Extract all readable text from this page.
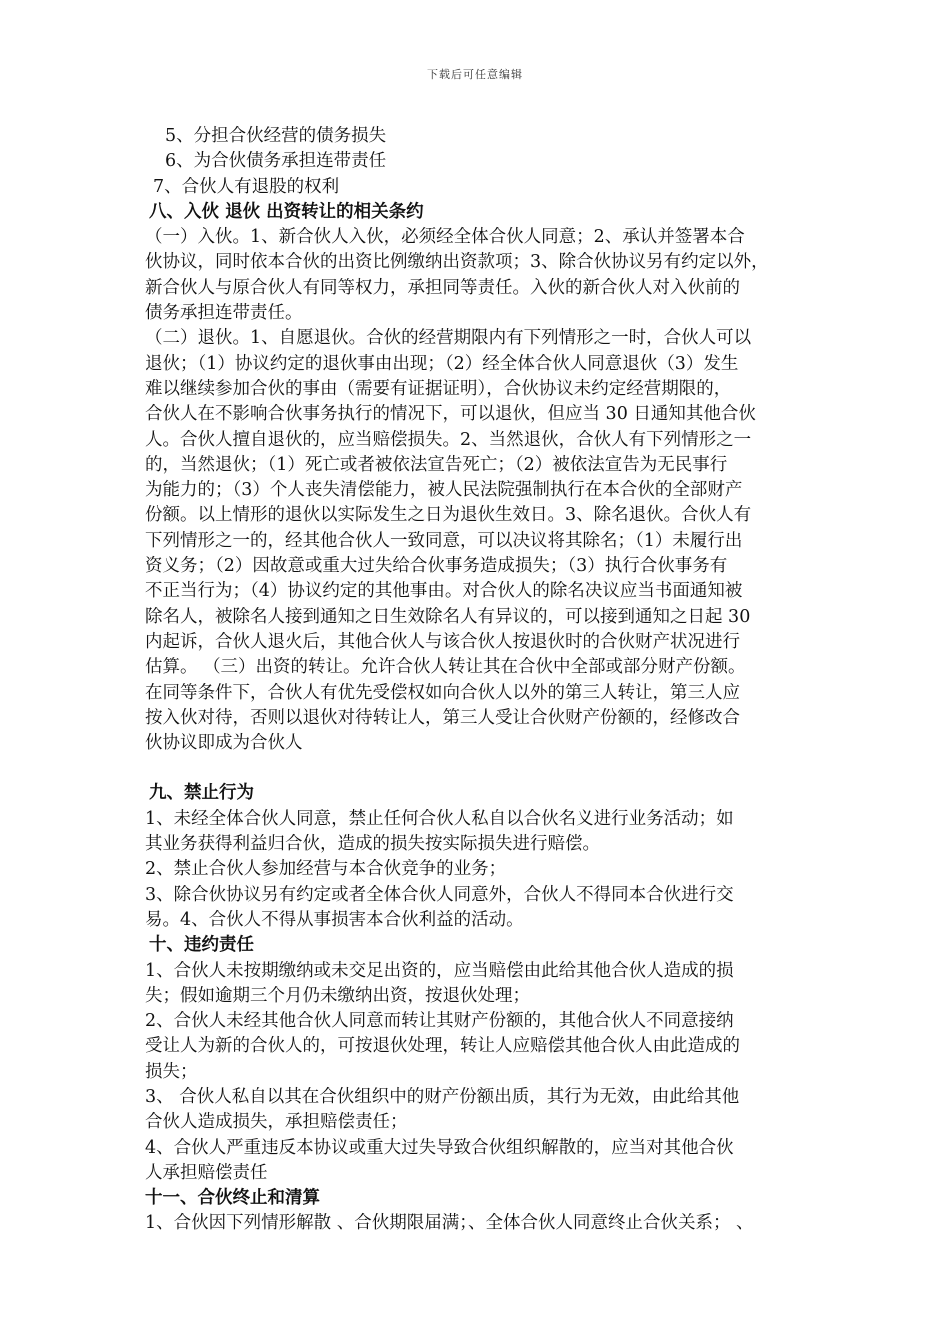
下载后可任意编辑
5、分担合伙经营的债务损失
6、为合伙债务承担连带责任
7、合伙人有退股的权利
八、入伙 退伙 出资转让的相关条约
（一）入伙。1、新合伙人入伙，必须经全体合伙人同意；2、承认并签署本合
伙协议，同时依本合伙的出资比例缴纳出资款项；3、除合伙协议另有约定以外，
新合伙人与原合伙人有同等权力，承担同等责任。入伙的新合伙人对入伙前的
债务承担连带责任。
（二）退伙。1、自愿退伙。合伙的经营期限内有下列情形之一时，合伙人可以
退伙；（1）协议约定的退伙事由出现；（2）经全体合伙人同意退伙（3）发生
难以继续参加合伙的事由（需要有证据证明），合伙协议未约定经营期限的，
合伙人在不影响合伙事务执行的情况下，可以退伙，但应当 30 日通知其他合伙
人。合伙人擅自退伙的，应当赔偿损失。2、当然退伙，合伙人有下列情形之一
的，当然退伙；（1）死亡或者被依法宣告死亡；（2）被依法宣告为无民事行
为能力的；（3）个人丧失清偿能力，被人民法院强制执行在本合伙的全部财产
份额。以上情形的退伙以实际发生之日为退伙生效日。3、除名退伙。合伙人有
下列情形之一的，经其他合伙人一致同意，可以决议将其除名；（1）未履行出
资义务；（2）因故意或重大过失给合伙事务造成损失；（3）执行合伙事务有
不正当行为；（4）协议约定的其他事由。对合伙人的除名决议应当书面通知被
除名人，被除名人接到通知之日生效除名人有异议的，可以接到通知之日起 30
内起诉，合伙人退火后，其他合伙人与该合伙人按退伙时的合伙财产状况进行
估算。 （三）出资的转让。允许合伙人转让其在合伙中全部或部分财产份额。
在同等条件下，合伙人有优先受偿权如向合伙人以外的第三人转让，第三人应
按入伙对待，否则以退伙对待转让人，第三人受让合伙财产份额的，经修改合
伙协议即成为合伙人
九、禁止行为
1、未经全体合伙人同意，禁止任何合伙人私自以合伙名义进行业务活动；如
其业务获得利益归合伙，造成的损失按实际损失进行赔偿。
2、禁止合伙人参加经营与本合伙竞争的业务；
3、除合伙协议另有约定或者全体合伙人同意外，合伙人不得同本合伙进行交
易。4、合伙人不得从事损害本合伙利益的活动。
十、违约责任
1、合伙人未按期缴纳或未交足出资的，应当赔偿由此给其他合伙人造成的损
失；假如逾期三个月仍未缴纳出资，按退伙处理；
2、合伙人未经其他合伙人同意而转让其财产份额的，其他合伙人不同意接纳
受让人为新的合伙人的，可按退伙处理，转让人应赔偿其他合伙人由此造成的
损失；
3、 合伙人私自以其在合伙组织中的财产份额出质，其行为无效，由此给其他
合伙人造成损失，承担赔偿责任；
4、合伙人严重违反本协议或重大过失导致合伙组织解散的，应当对其他合伙
人承担赔偿责任
十一、合伙终止和清算
1、合伙因下列情形解散 、合伙期限届满；、全体合伙人同意终止合伙关系； 、
